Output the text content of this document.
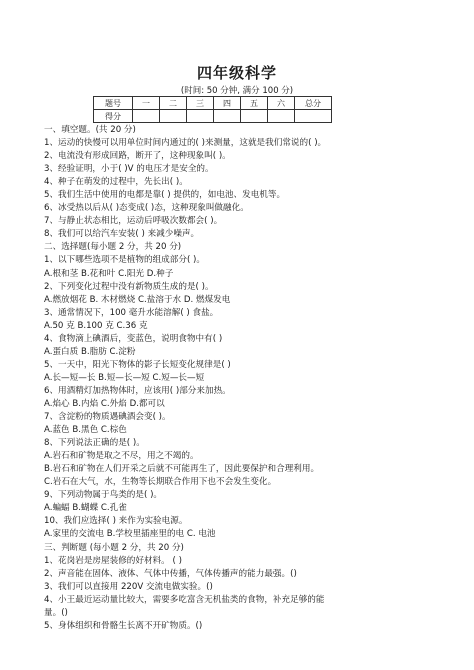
四年级科学
(时间: 50 分钟, 满分 100 分)
题号	一	二	三	四	五	六	总分
得分							
一、填空题。(共 20 分)
1、运动的快慢可以用单位时间内通过的( )来测量，这就是我们常说的( )。
2、电流没有形成回路，断开了，这种现象叫( )。
3、经验证明，小于( )V 的电压才是安全的。
4、种子在萌发的过程中，先长出( )。
5、我们生活中使用的电都是靠( ) 提供的，如电池、发电机等。
6、冰受热以后从( )态变成( )态，这种现象叫做融化。
7、与静止状态相比，运动后呼吸次数都会( )。
8、我们可以给汽车安装( ) 来减少噪声。
二、选择题(每小题 2 分，共 20 分)
1、以下哪些选项不是植物的组成部分( )。
A.根和茎 B.花和叶 C.阳光 D.种子
2、下列变化过程中没有新物质生成的是( )。
A.燃放烟花 B. 木材燃烧 C.盐溶于水 D. 燃煤发电
3、通常情况下，100 毫升水能溶解( ) 食盐。
A.50 克 B.100 克 C.36 克
4、食物滴上碘酒后，变蓝色，说明食物中有( )
A.蛋白质 B.脂肪 C.淀粉
5、一天中，阳光下物体的影子长短变化规律是( )
A.长—短—长 B.短—长—短 C.短—长—短
6、用酒精灯加热物体时，应该用( )部分来加热。
A.焰心 B.内焰 C.外焰 D.都可以
7、含淀粉的物质遇碘酒会变( )。
A.蓝色 B.黑色 C.棕色
8、下列说法正确的是( )。
A.岩石和矿物是取之不尽，用之不竭的。
B.岩石和矿物在人们开采之后就不可能再生了，因此要保护和合理利用。
C.岩石在大气，水，生物等长期联合作用下也不会发生变化。
9、下列动物属于鸟类的是( )。
A.蝙蝠 B.蝴蝶 C.孔雀
10、我们应选择( ) 来作为实验电源。
A.家里的交流电 B.学校里插座里的电 C. 电池
三、判断题 (每小题 2 分，共 20 分)
1、花岗岩是房屋装修的好材料。 ( )
2、声音能在固体、液体、气体中传播，气体传播声的能力最强。()
3、我们可以直接用 220V 交流电做实验。()
4、小王最近运动量比较大，需要多吃富含无机盐类的食物，补充足够的能
量。()
5、身体组织和骨骼生长离不开矿物质。()
